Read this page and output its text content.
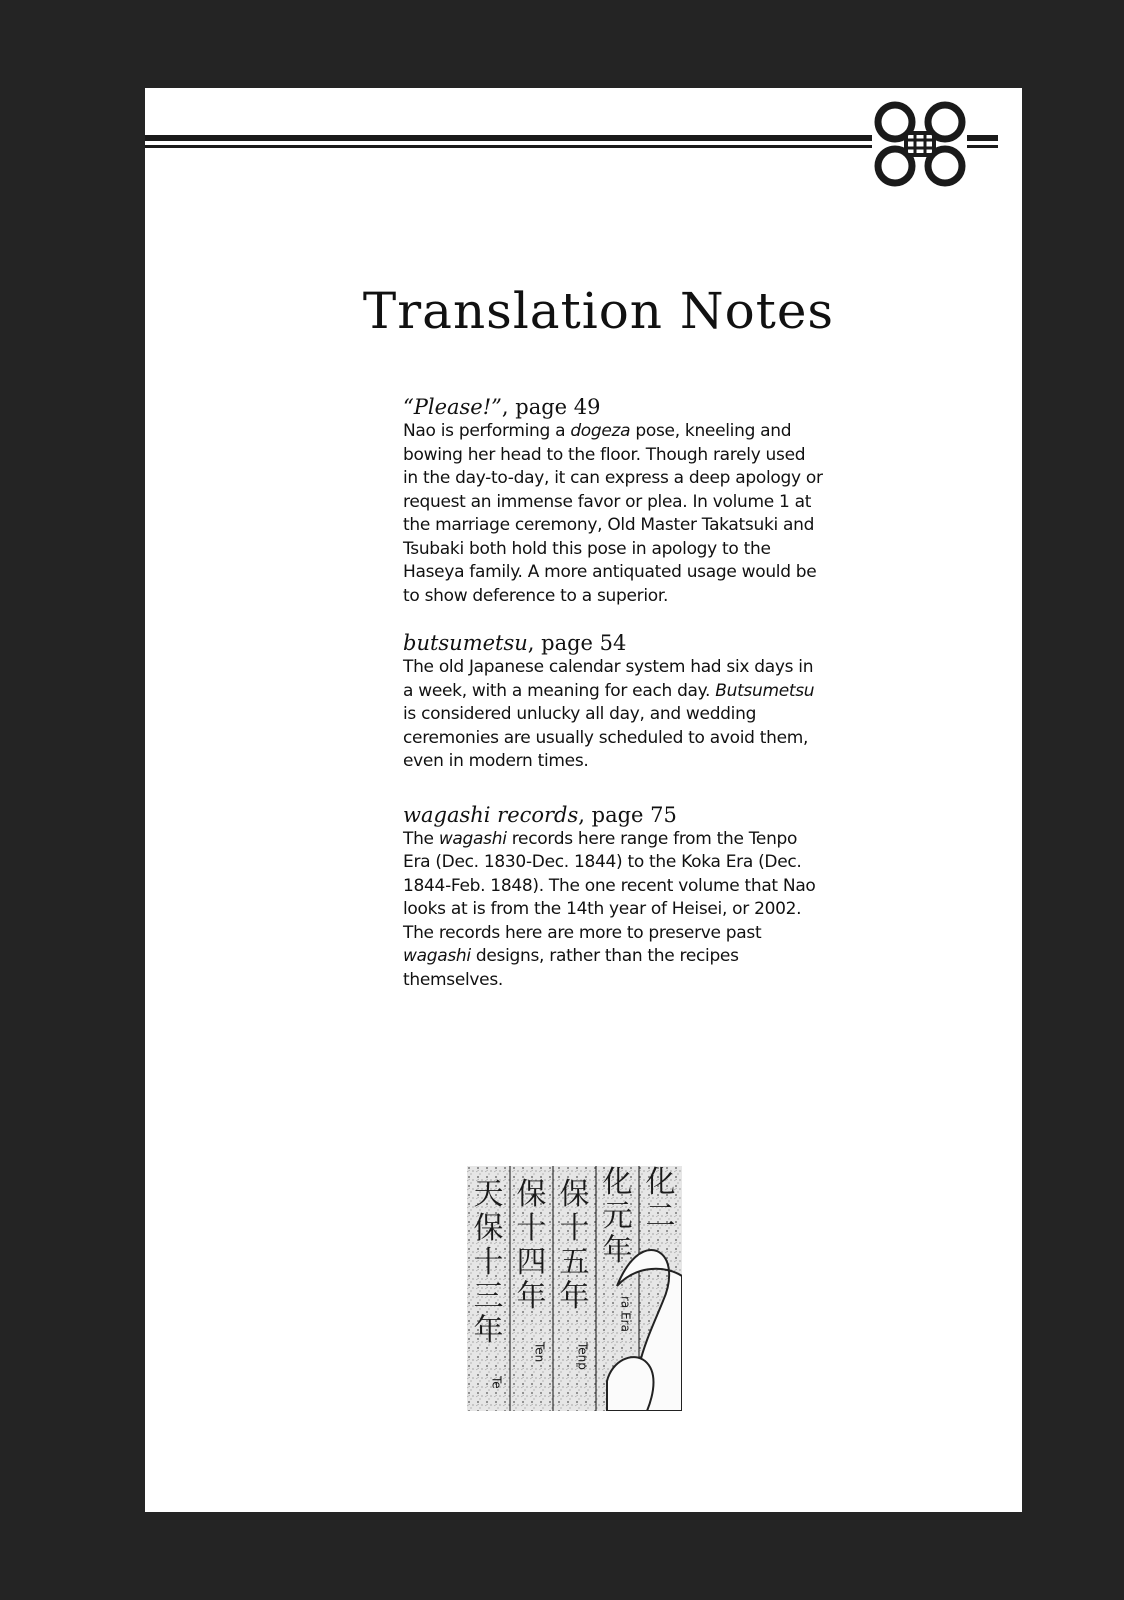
Translation Notes

“Please!”, page 49

Nao is performing a dogeza pose, kneeling and bowing her head to the floor. Though rarely used in the day-to-day, it can express a deep apology or request an immense favor or plea. In volume 1 at the marriage ceremony, Old Master Takatsuki and Tsubaki both hold this pose in apology to the Haseya family. A more antiquated usage would be to show deference to a superior.

butsumetsu, page 54

The old Japanese calendar system had six days in a week, with a meaning for each day. Butsumetsu is considered unlucky all day, and wedding ceremonies are usually scheduled to avoid them, even in modern times.

wagashi records, page 75

The wagashi records here range from the Tenpo Era (Dec. 1830-Dec. 1844) to the Koka Era (Dec. 1844-Feb. 1848). The one recent volume that Nao looks at is from the 14th year of Heisei, or 2002. The records here are more to preserve past wagashi designs, rather than the recipes themselves.

天
保
十
三
年
Te
保
十
四
年
Ten
保
十
五
年
Tenp
化
元
年
ra Era
化
二
